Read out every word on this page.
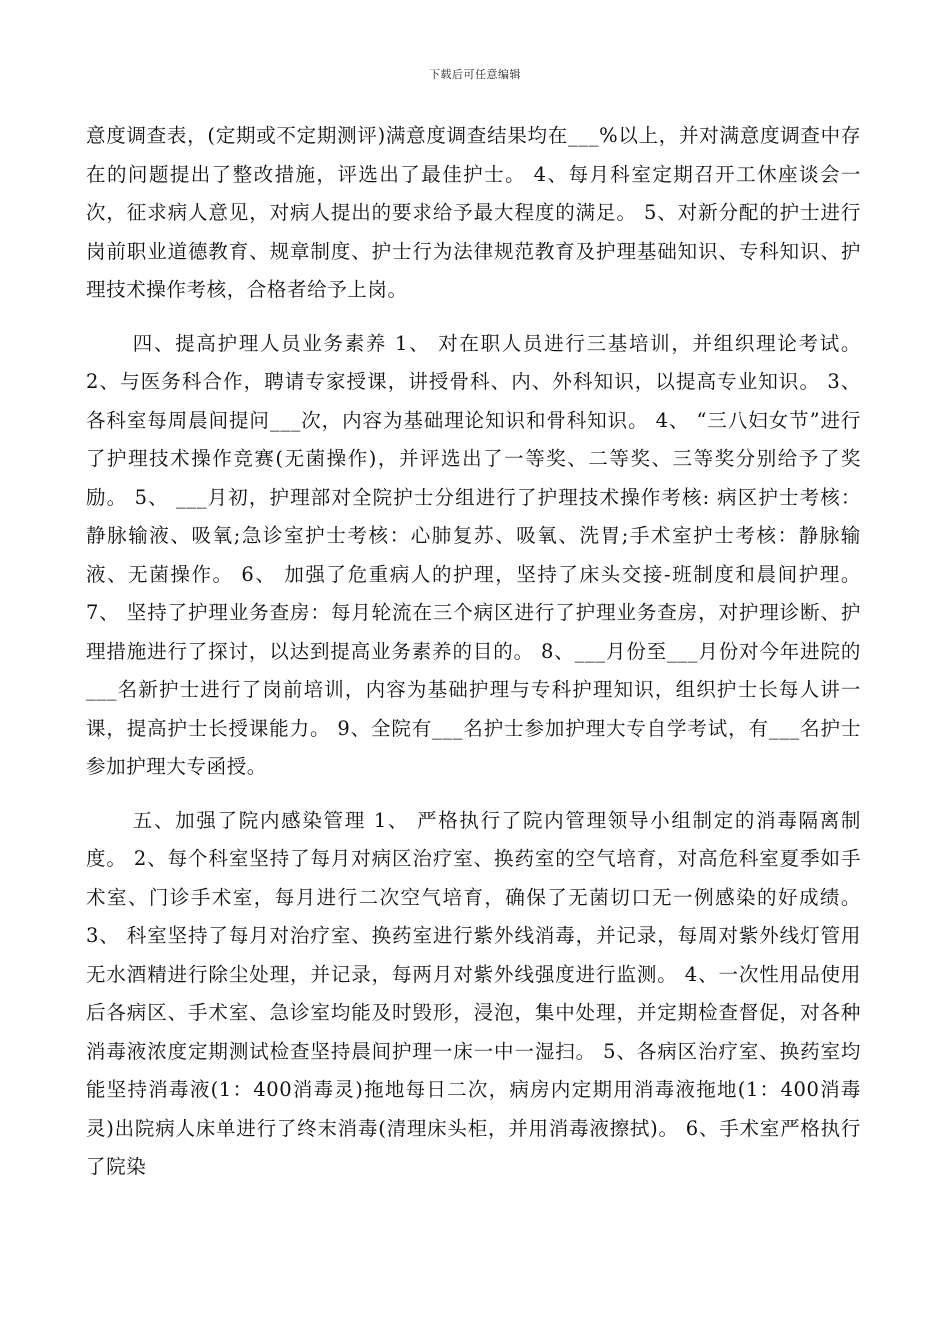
下载后可任意编辑

意度调查表，(定期或不定期测评)满意度调查结果均在___%以上，并对满意度调查中存在的问题提出了整改措施，评选出了最佳护士。 4、每月科室定期召开工休座谈会一次，征求病人意见，对病人提出的要求给予最大程度的满足。 5、对新分配的护士进行岗前职业道德教育、规章制度、护士行为法律规范教育及护理基础知识、专科知识、护理技术操作考核，合格者给予上岗。

四、提高护理人员业务素养 1、 对在职人员进行三基培训，并组织理论考试。 2、与医务科合作，聘请专家授课，讲授骨科、内、外科知识，以提高专业知识。 3、 各科室每周晨间提问___次，内容为基础理论知识和骨科知识。 4、 “三八妇女节”进行了护理技术操作竞赛(无菌操作)，并评选出了一等奖、二等奖、三等奖分别给予了奖励。 5、 ___月初，护理部对全院护士分组进行了护理技术操作考核: 病区护士考核：静脉输液、吸氧;急诊室护士考核：心肺复苏、吸氧、洗胃;手术室护士考核：静脉输液、无菌操作。 6、 加强了危重病人的护理，坚持了床头交接-班制度和晨间护理。 7、 坚持了护理业务查房：每月轮流在三个病区进行了护理业务查房，对护理诊断、护理措施进行了探讨，以达到提高业务素养的目的。 8、___月份至___月份对今年进院的___名新护士进行了岗前培训，内容为基础护理与专科护理知识，组织护士长每人讲一课，提高护士长授课能力。 9、全院有___名护士参加护理大专自学考试，有___名护士参加护理大专函授。

五、加强了院内感染管理 1、 严格执行了院内管理领导小组制定的消毒隔离制度。 2、每个科室坚持了每月对病区治疗室、换药室的空气培育，对高危科室夏季如手术室、门诊手术室，每月进行二次空气培育，确保了无菌切口无一例感染的好成绩。 3、 科室坚持了每月对治疗室、换药室进行紫外线消毒，并记录，每周对紫外线灯管用无水酒精进行除尘处理，并记录，每两月对紫外线强度进行监测。 4、一次性用品使用后各病区、手术室、急诊室均能及时毁形，浸泡，集中处理，并定期检查督促，对各种消毒液浓度定期测试检查坚持晨间护理一床一中一湿扫。 5、各病区治疗室、换药室均能坚持消毒液(1：400消毒灵)拖地每日二次，病房内定期用消毒液拖地(1：400消毒灵)出院病人床单进行了终末消毒(清理床头柜，并用消毒液擦拭)。 6、手术室严格执行了院染
